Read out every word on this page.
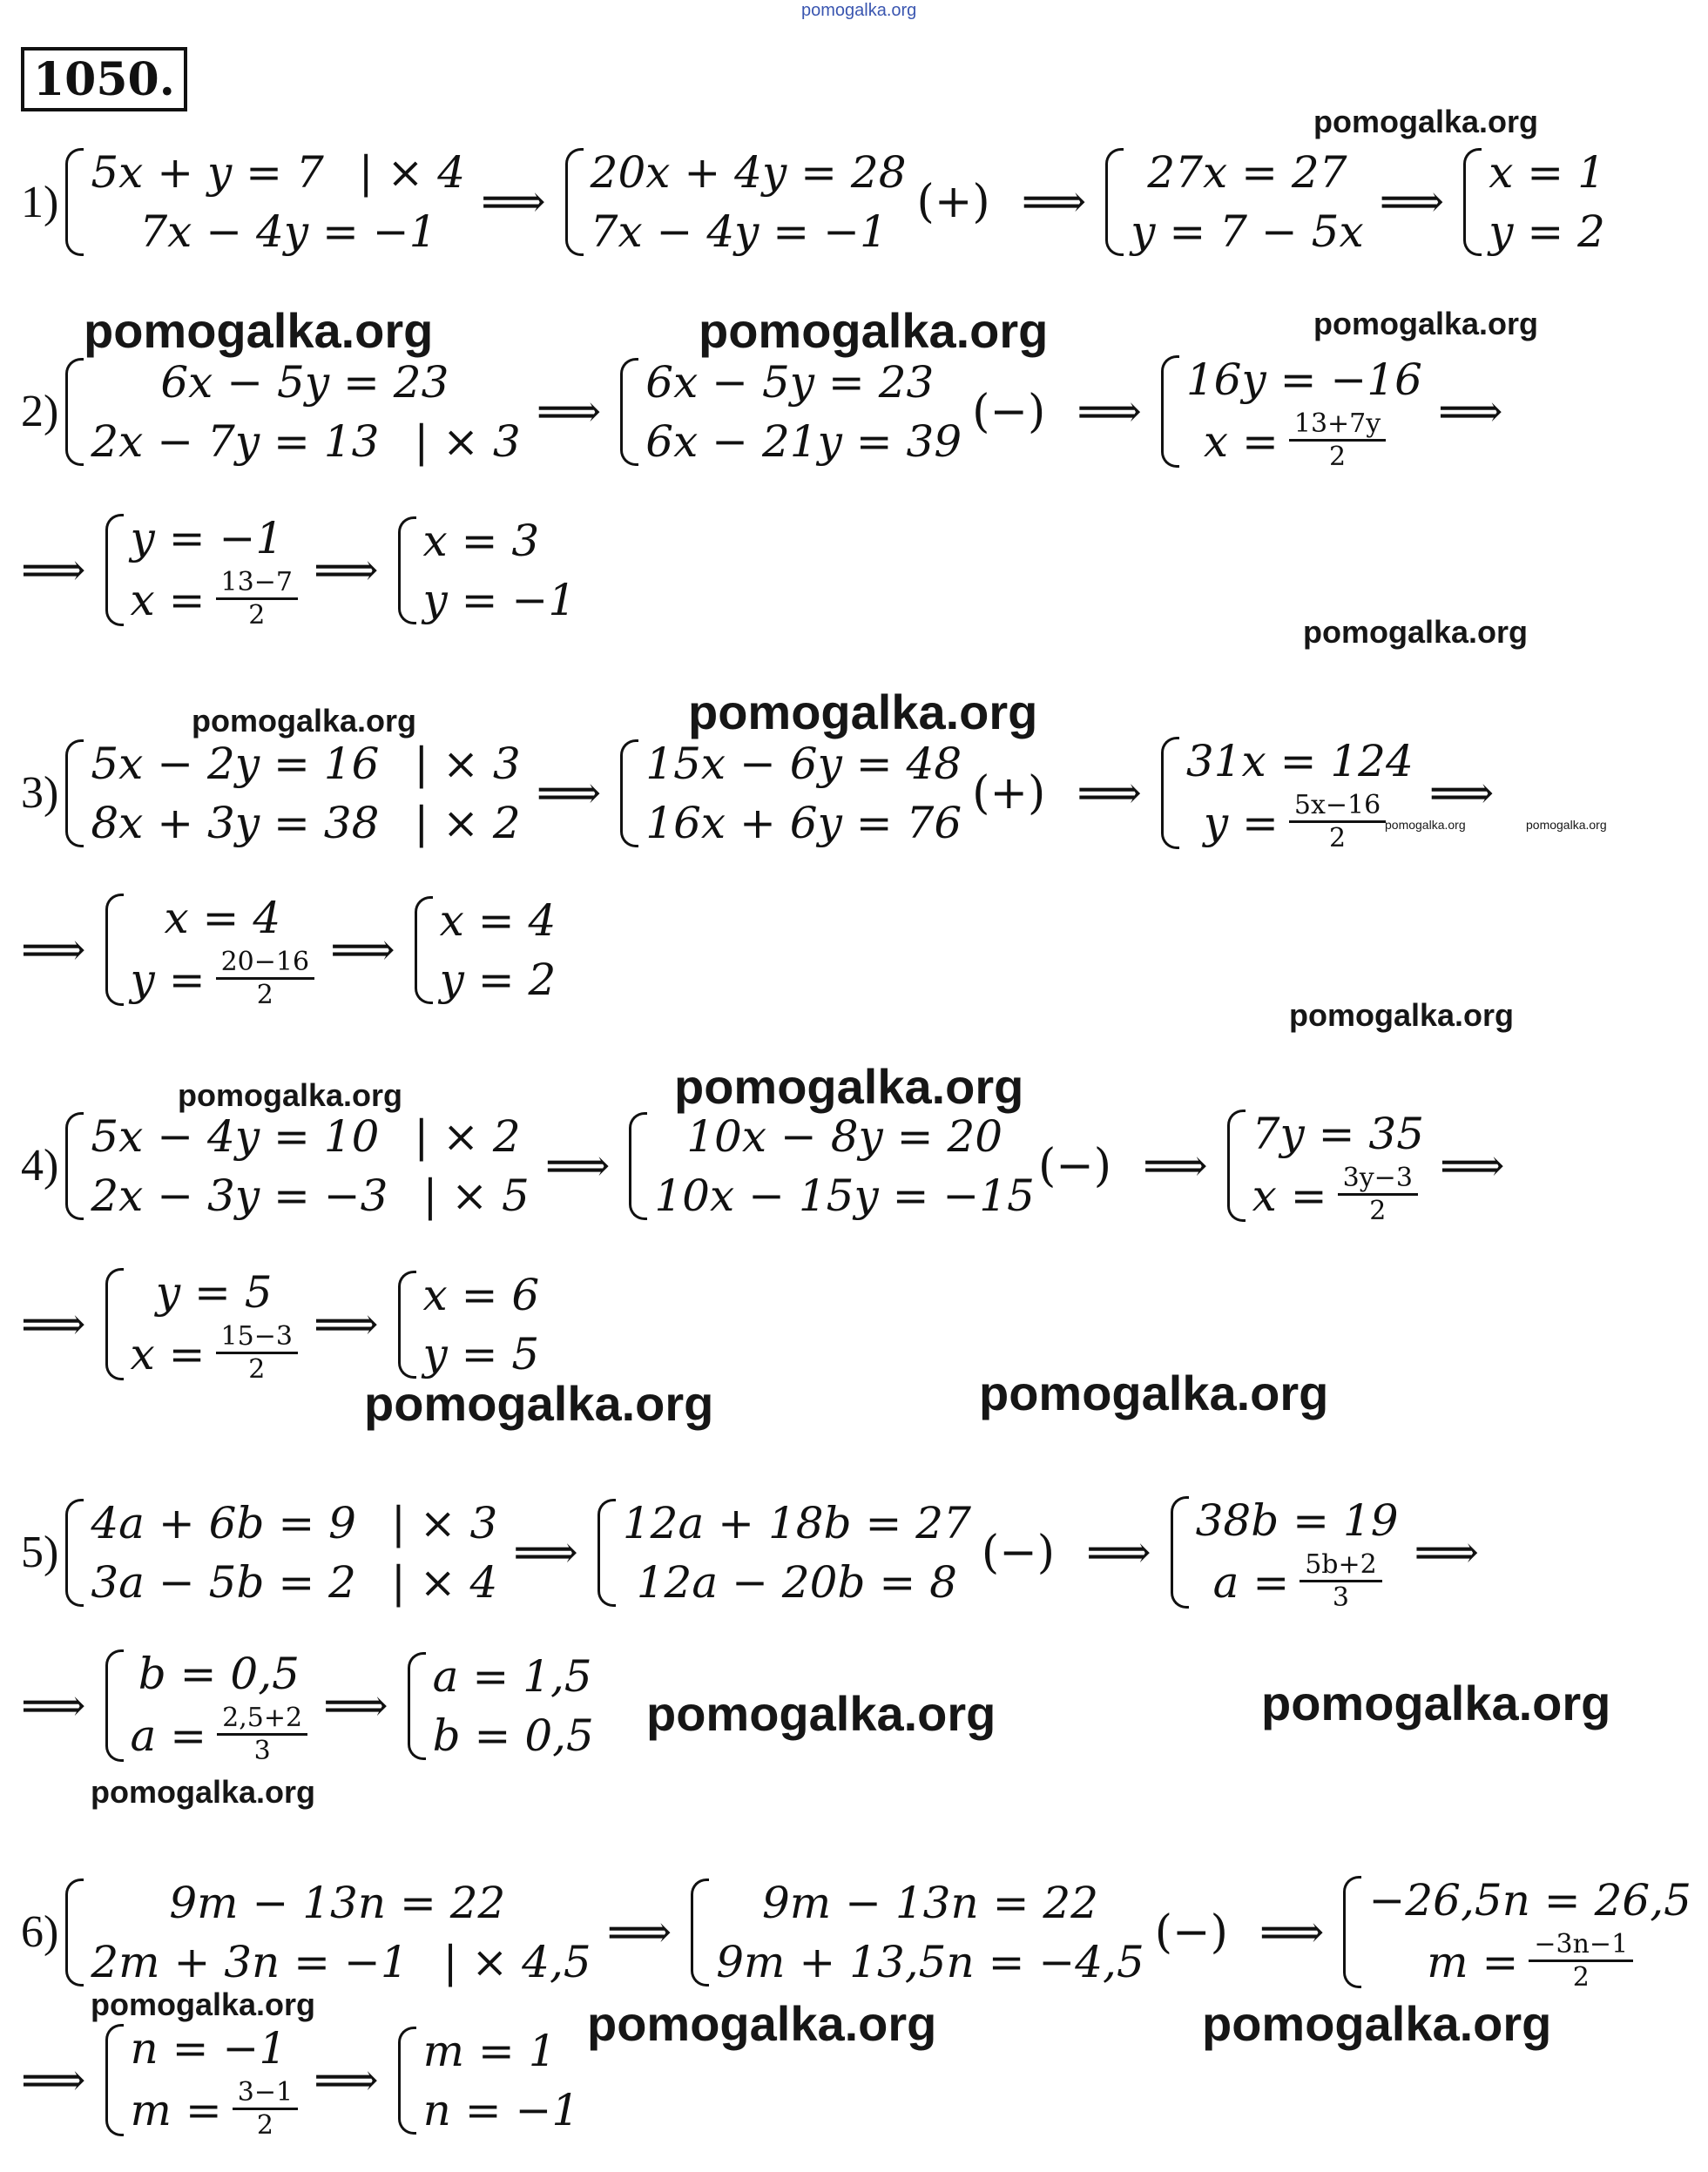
pomogalka.org
1050.
pomogalka.org
pomogalka.org	pomogalka.org	pomogalka.org
pomogalka.org
pomogalka.org	pomogalka.org
pomogalka.org	pomogalka.org
pomogalka.org
pomogalka.org	pomogalka.org
pomogalka.org	pomogalka.org
pomogalka.org	pomogalka.org
pomogalka.org
pomogalka.org	pomogalka.org	pomogalka.org
1)
5x + y = 7 | × 4
7x − 4y = −1
⟹
20x + 4y = 28
7x − 4y = −1
(+) ⟹
27x = 27
y = 7 − 5x
⟹
x = 1
y = 2
2)
6x − 5y = 23
2x − 7y = 13 | × 3
⟹
6x − 5y = 23
6x − 21y = 39
(−) ⟹
16y = −16
$x = \frac{13+7y}{2}$ ⟹
⟹
y = −1
$x = \frac{13-7}{2}$ ⟹
x = 3
y = −1
3)
5x − 2y = 16 | × 3
8x + 3y = 38 | × 2
⟹
15x − 6y = 48
16x + 6y = 76
(+) ⟹
31x = 124
$y = \frac{5x-16}{2}$ ⟹
⟹
x = 4
$y = \frac{20-16}{2}$ ⟹
x = 4
y = 2
4)
5x − 4y = 10 | × 2
2x − 3y = −3 | × 5
⟹
10x − 8y = 20
10x − 15y = −15
(−) ⟹
7y = 35
$x = \frac{3y-3}{2}$ ⟹
⟹
y = 5
$x = \frac{15-3}{2}$ ⟹
x = 6
y = 5
5)
4a + 6b = 9 | × 3
3a − 5b = 2 | × 4
⟹
12a + 18b = 27
12a − 20b = 8
(−) ⟹
38b = 19
$a = \frac{5b+2}{3}$ ⟹
⟹
b = 0,5
$a = \frac{2,5+2}{3}$ ⟹
a = 1,5
b = 0,5
6)
9m − 13n = 22
2m + 3n = −1 | × 4,5
⟹
9m − 13n = 22
9m + 13,5n = −4,5
(−) ⟹
−26,5n = 26,5
$m = \frac{-3n-1}{2}$
⟹
n = −1
$m = \frac{3-1}{2}$ ⟹
m = 1
n = −1
